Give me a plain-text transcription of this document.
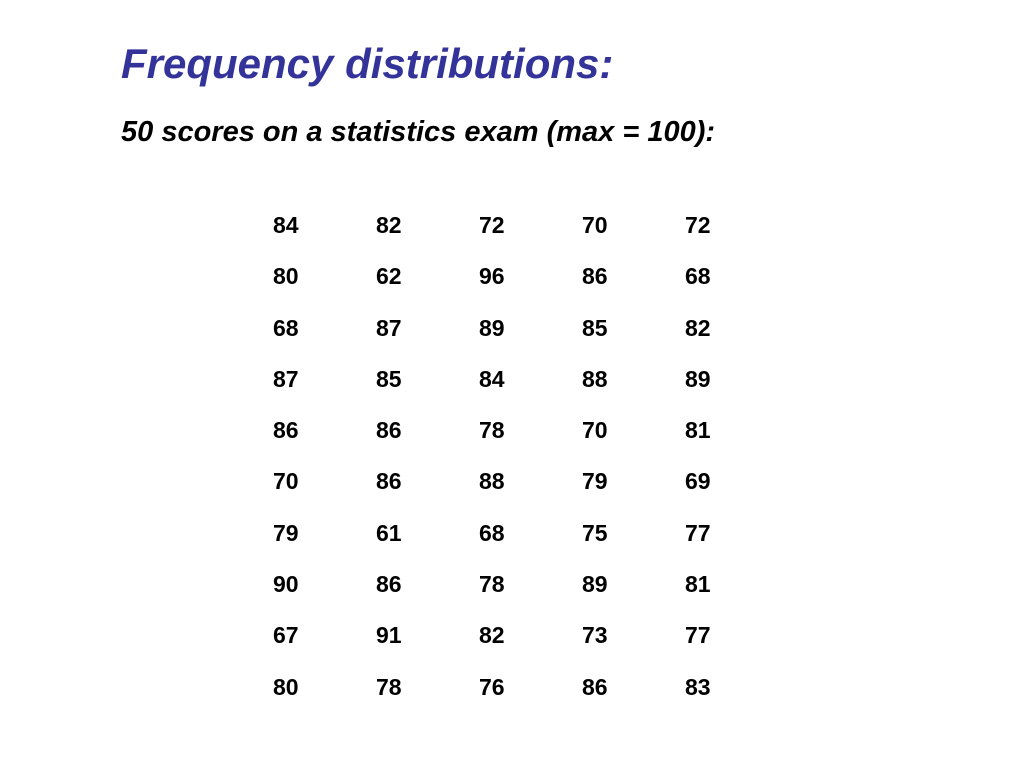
Frequency distributions:
50 scores on a statistics exam (max = 100):
84	82	72	70	72
80	62	96	86	68
68	87	89	85	82
87	85	84	88	89
86	86	78	70	81
70	86	88	79	69
79	61	68	75	77
90	86	78	89	81
67	91	82	73	77
80	78	76	86	83
